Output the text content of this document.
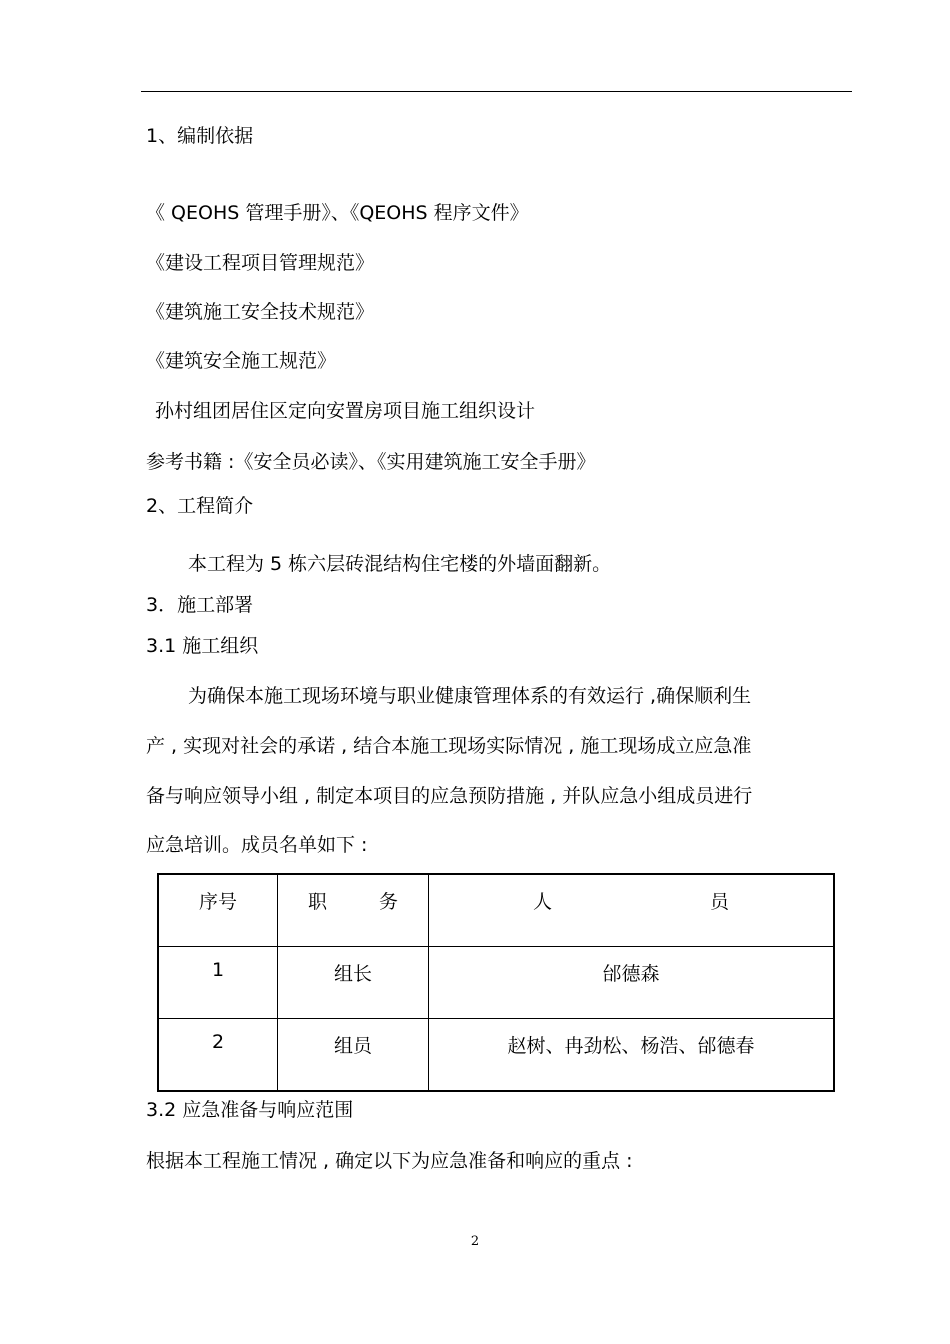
1、编制依据
《 QEOHS 管理手册》、《QEOHS 程序文件》
《建设工程项目管理规范》
《建筑施工安全技术规范》
《建筑安全施工规范》
孙村组团居住区定向安置房项目施工组织设计
参考书籍 :《安全员必读》、《实用建筑施工安全手册》
2、工程简介
本工程为 5 栋六层砖混结构住宅楼的外墙面翻新。
3．施工部署
3.1 施工组织
为确保本施工现场环境与职业健康管理体系的有效运行 ,确保顺利生
产 , 实现对社会的承诺 , 结合本施工现场实际情况 , 施工现场成立应急准
备与响应领导小组 , 制定本项目的应急预防措施 , 并队应急小组成员进行
应急培训。成员名单如下 :
序号	职 务	人 员
1	组长	邰德森
2	组员	赵树、冉劲松、杨浩、邰德春
3.2 应急准备与响应范围
根据本工程施工情况 , 确定以下为应急准备和响应的重点 :
2
